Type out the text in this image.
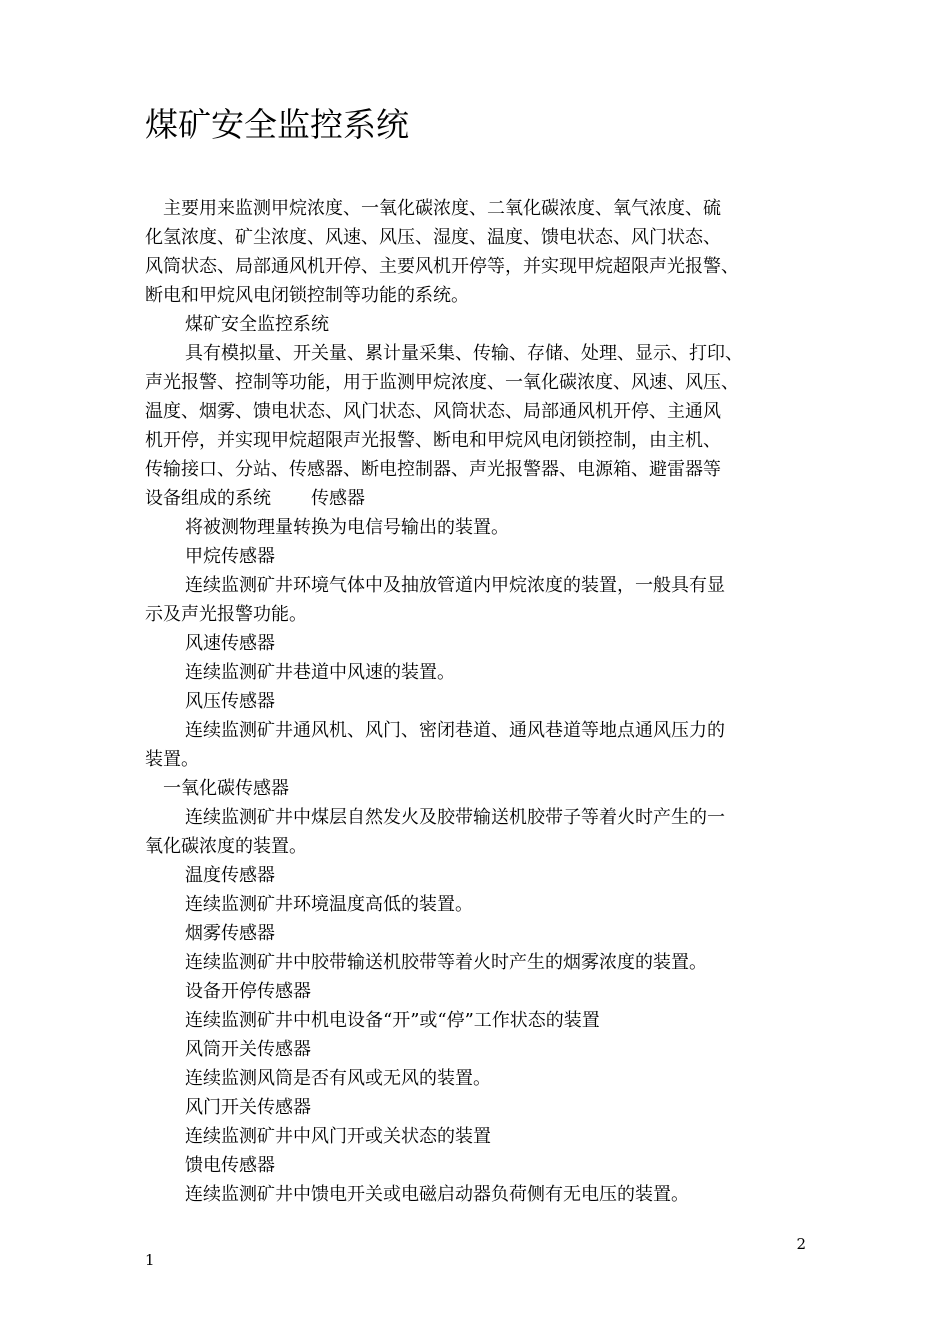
煤矿安全监控系统

主要用来监测甲烷浓度、一氧化碳浓度、二氧化碳浓度、氧气浓度、硫

化氢浓度、矿尘浓度、风速、风压、湿度、温度、馈电状态、风门状态、

风筒状态、局部通风机开停、主要风机开停等，并实现甲烷超限声光报警、

断电和甲烷风电闭锁控制等功能的系统。

煤矿安全监控系统

具有模拟量、开关量、累计量采集、传输、存储、处理、显示、打印、

声光报警、控制等功能，用于监测甲烷浓度、一氧化碳浓度、风速、风压、

温度、烟雾、馈电状态、风门状态、风筒状态、局部通风机开停、主通风

机开停，并实现甲烷超限声光报警、断电和甲烷风电闭锁控制，由主机、

传输接口、分站、传感器、断电控制器、声光报警器、电源箱、避雷器等

设备组成的系统 传感器

将被测物理量转换为电信号输出的装置。

甲烷传感器

连续监测矿井环境气体中及抽放管道内甲烷浓度的装置，一般具有显

示及声光报警功能。

风速传感器

连续监测矿井巷道中风速的装置。

风压传感器

连续监测矿井通风机、风门、密闭巷道、通风巷道等地点通风压力的

装置。

一氧化碳传感器

连续监测矿井中煤层自然发火及胶带输送机胶带子等着火时产生的一

氧化碳浓度的装置。

温度传感器

连续监测矿井环境温度高低的装置。

烟雾传感器

连续监测矿井中胶带输送机胶带等着火时产生的烟雾浓度的装置。

设备开停传感器

连续监测矿井中机电设备“开”或“停”工作状态的装置

风筒开关传感器

连续监测风筒是否有风或无风的装置。

风门开关传感器

连续监测矿井中风门开或关状态的装置

馈电传感器

连续监测矿井中馈电开关或电磁启动器负荷侧有无电压的装置。

2
1
